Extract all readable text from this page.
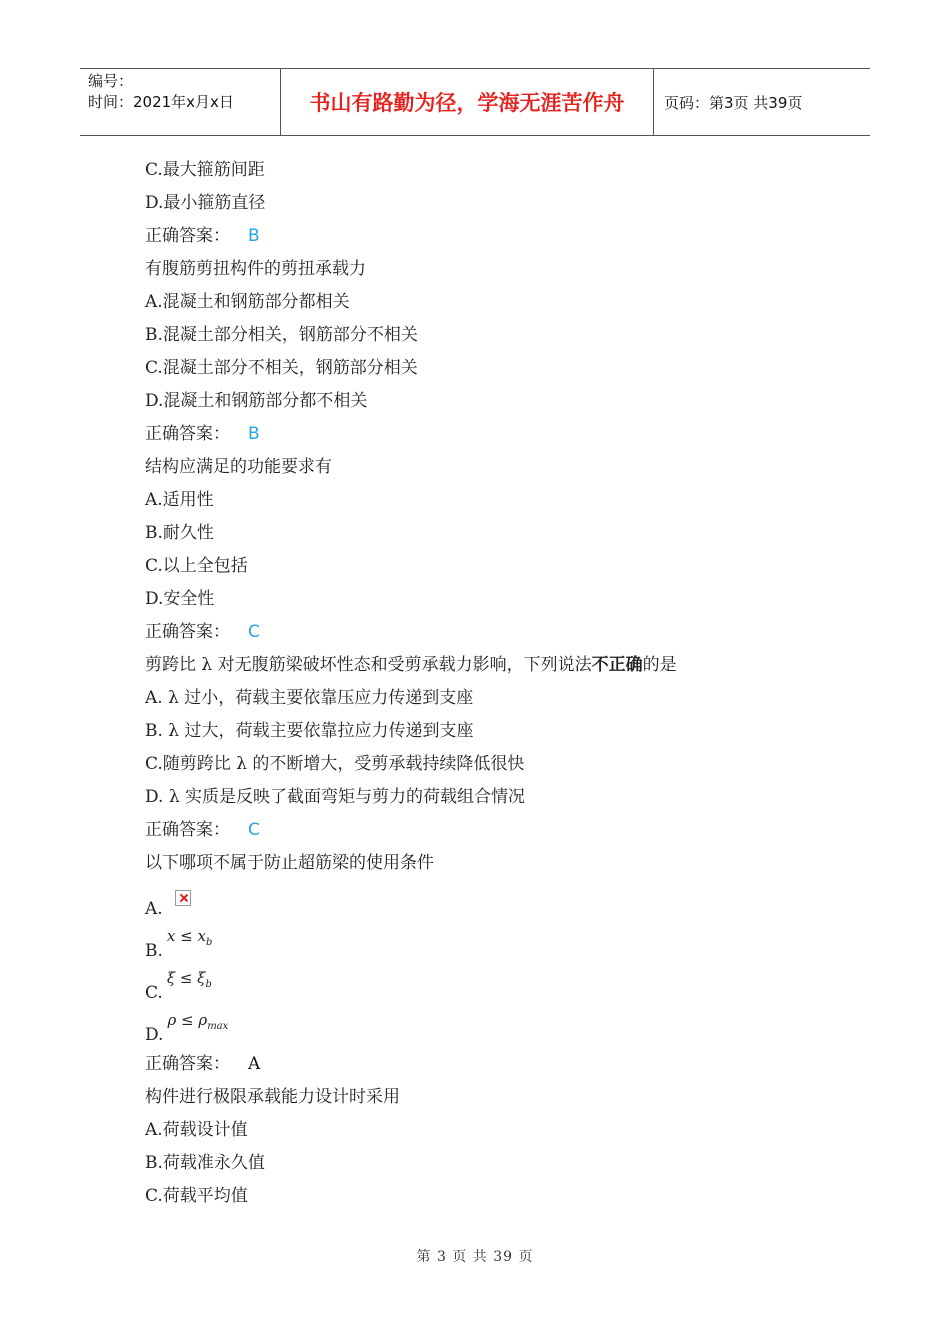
编号：
时间：2021年x月x日	书山有路勤为径，学海无涯苦作舟	页码：第3页 共39页
C.最大箍筋间距
D.最小箍筋直径
正确答案： B
有腹筋剪扭构件的剪扭承载力
A.混凝土和钢筋部分都相关
B.混凝土部分相关，钢筋部分不相关
C.混凝土部分不相关，钢筋部分相关
D.混凝土和钢筋部分都不相关
正确答案： B
结构应满足的功能要求有
A.适用性
B.耐久性
C.以上全包括
D.安全性
正确答案： C
剪跨比 λ 对无腹筋梁破坏性态和受剪承载力影响，下列说法不正确的是
A. λ 过小，荷载主要依靠压应力传递到支座
B. λ 过大，荷载主要依靠拉应力传递到支座
C.随剪跨比 λ 的不断增大，受剪承载持续降低很快
D. λ 实质是反映了截面弯矩与剪力的荷载组合情况
正确答案： C
以下哪项不属于防止超筋梁的使用条件
A.
B.
$x \le x_b$
C.
$\xi \le \xi_b$
D.
$\rho \le \rho_{max}$
正确答案： A
构件进行极限承载能力设计时采用
A.荷载设计值
B.荷载准永久值
C.荷载平均值
第 3 页 共 39 页
